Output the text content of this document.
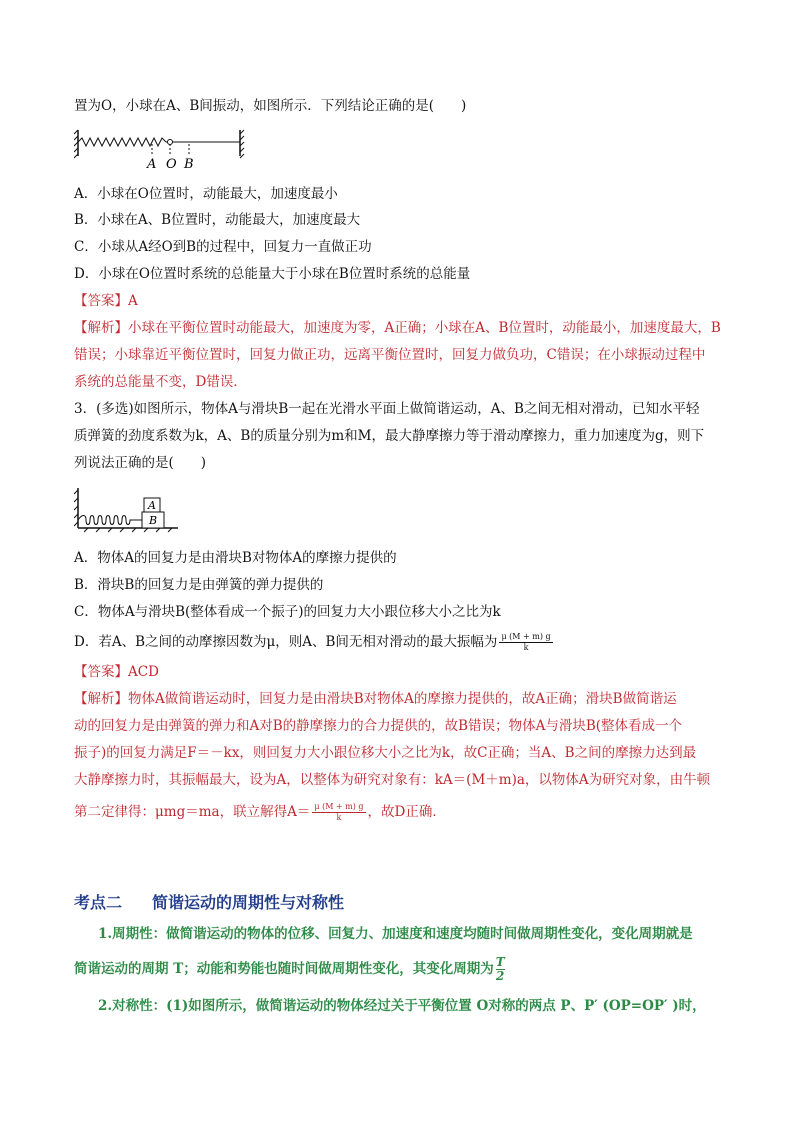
置为O，小球在A、B间振动，如图所示．下列结论正确的是(　　)
A O B
A．小球在O位置时，动能最大，加速度最小
B．小球在A、B位置时，动能最大，加速度最大
C．小球从A经O到B的过程中，回复力一直做正功
D．小球在O位置时系统的总能量大于小球在B位置时系统的总能量
【答案】A
【解析】小球在平衡位置时动能最大，加速度为零，A正确；小球在A、B位置时，动能最小，加速度最大，B
错误；小球靠近平衡位置时，回复力做正功，远离平衡位置时，回复力做负功，C错误；在小球振动过程中
系统的总能量不变，D错误．
3．(多选)如图所示，物体A与滑块B一起在光滑水平面上做简谐运动，A、B之间无相对滑动，已知水平轻
质弹簧的劲度系数为k，A、B的质量分别为m和M，最大静摩擦力等于滑动摩擦力，重力加速度为g，则下
列说法正确的是(　　)
A
B
A．物体A的回复力是由滑块B对物体A的摩擦力提供的
B．滑块B的回复力是由弹簧的弹力提供的
C．物体A与滑块B(整体看成一个振子)的回复力大小跟位移大小之比为k
D．若A、B之间的动摩擦因数为μ，则A、B间无相对滑动的最大振幅为 $\frac{\mu (M + m) g}{k}$
【答案】ACD
【解析】物体A做简谐运动时，回复力是由滑块B对物体A的摩擦力提供的，故A正确；滑块B做简谐运
动的回复力是由弹簧的弹力和A对B的静摩擦力的合力提供的，故B错误；物体A与滑块B(整体看成一个
振子)的回复力满足F＝－kx，则回复力大小跟位移大小之比为k，故C正确；当A、B之间的摩擦力达到最
大静摩擦力时，其振幅最大，设为A，以整体为研究对象有：kA＝(M＋m)a，以物体A为研究对象，由牛顿
第二定律得：μmg＝ma，联立解得$A= \frac{\mu (M + m) g}{k}$ ，故D正确．
考点二 简谐运动的周期性与对称性
1.周期性：做简谐运动的物体的位移、回复力、加速度和速度均随时间做周期性变化，变化周期就是
简谐运动的周期 T；动能和势能也随时间做周期性变化，其变化周期为 $\frac{T}{2}$
2.对称性：(1)如图所示，做简谐运动的物体经过关于平衡位置 O对称的两点 P、P′ (OP=OP′ )时，
